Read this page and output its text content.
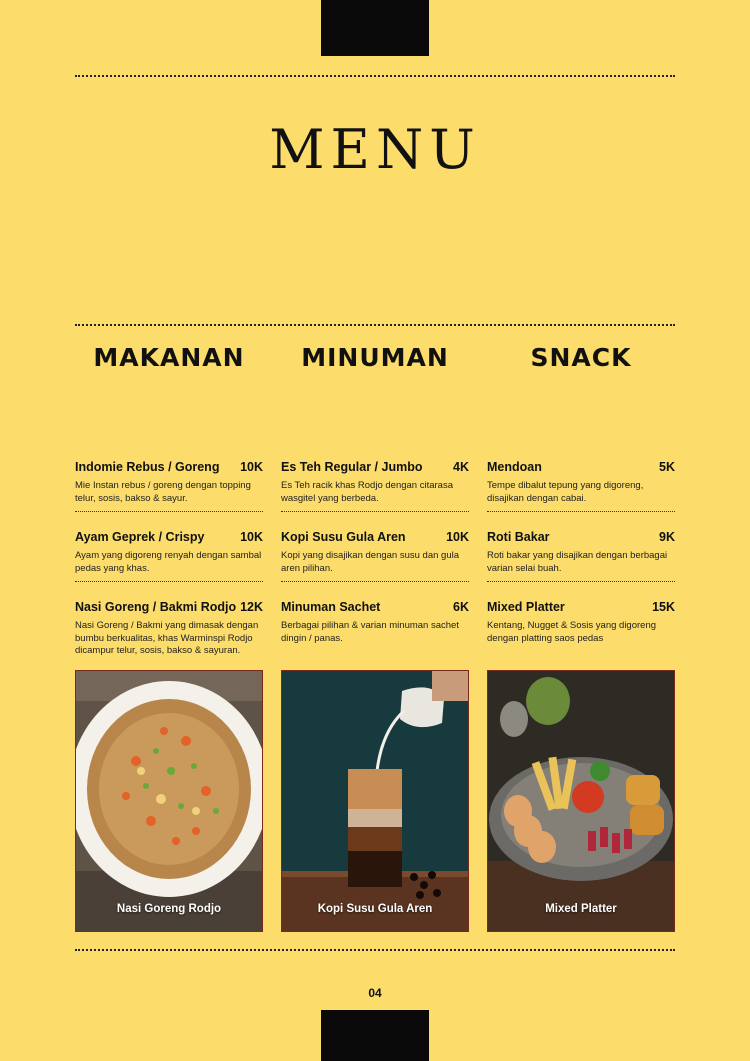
MENU
MAKANAN
Indomie Rebus / Goreng 10K
Mie Instan rebus / goreng dengan topping telur, sosis, bakso & sayur.
Ayam Geprek / Crispy	10K
Ayam yang digoreng renyah dengan sambal pedas yang khas.
Nasi Goreng / Bakmi Rodjo 12K
Nasi Goreng / Bakmi yang dimasak dengan bumbu berkualitas, khas Warminspi Rodjo dicampur telur, sosis, bakso & sayuran.
Nasi Goreng Rodjo
MINUMAN
Es Teh Regular / Jumbo 4K
Es Teh racik khas Rodjo dengan citarasa wasgitel yang berbeda.
Kopi Susu Gula Aren	10K
Kopi yang disajikan dengan susu dan gula aren pilihan.
Minuman Sachet	6K
Berbagai pilihan & varian minuman sachet dingin / panas.
Kopi Susu Gula Aren
SNACK
Mendoan	5K
Tempe dibalut tepung yang digoreng, disajikan dengan cabai.
Roti Bakar	9K
Roti bakar yang disajikan dengan berbagai varian selai buah.
Mixed Platter	15K
Kentang, Nugget & Sosis yang digoreng dengan platting saos pedas
Mixed Platter
04
